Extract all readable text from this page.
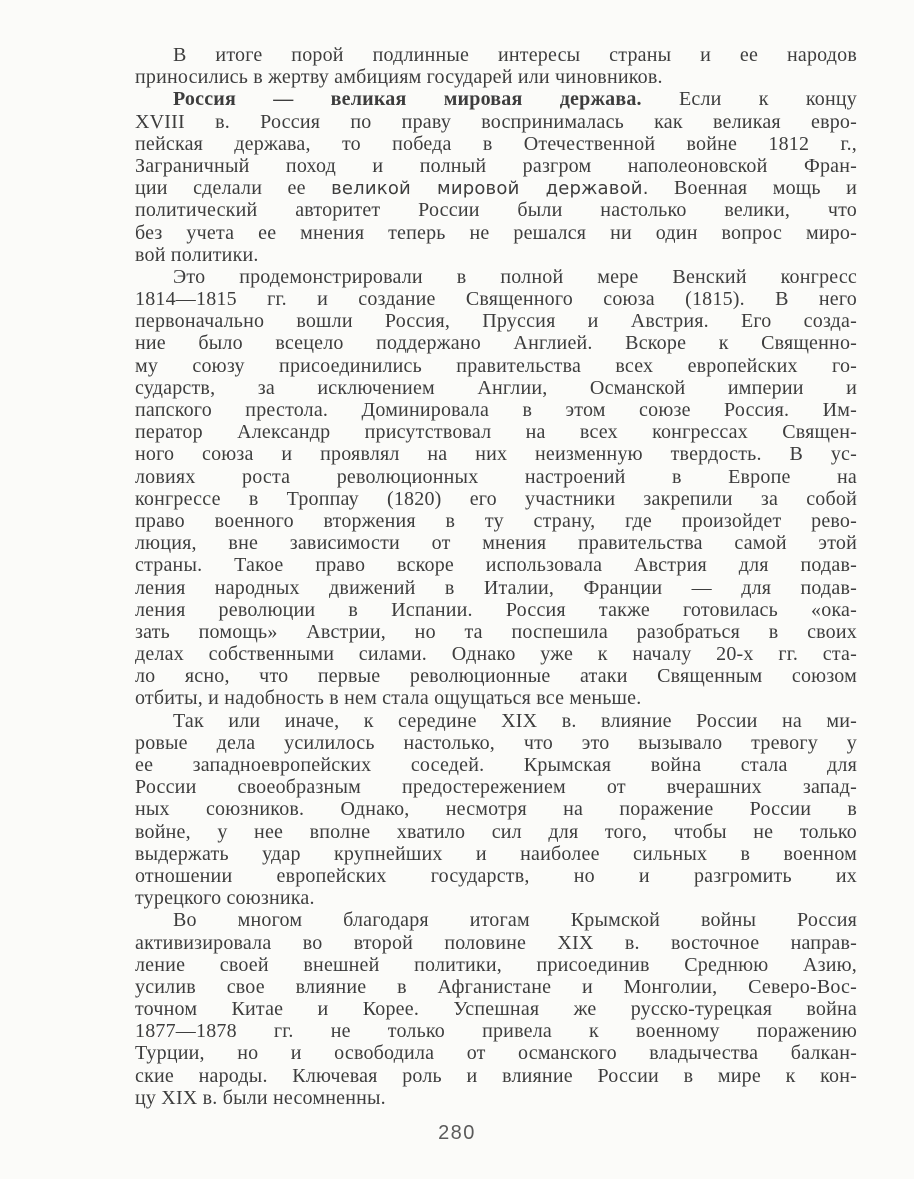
В итоге порой подлинные интересы страны и ее народов
приносились в жертву амбициям государей или чиновников.
Россия — великая мировая держава. Если к концу
XVIII в. Россия по праву воспринималась как великая евро-
пейская держава, то победа в Отечественной войне 1812 г.,
Заграничный поход и полный разгром наполеоновской Фран-
ции сделали ее великой мировой державой. Военная мощь и
политический авторитет России были настолько велики, что
без учета ее мнения теперь не решался ни один вопрос миро-
вой политики.
Это продемонстрировали в полной мере Венский конгресс
1814—1815 гг. и создание Священного союза (1815). В него
первоначально вошли Россия, Пруссия и Австрия. Его созда-
ние было всецело поддержано Англией. Вскоре к Священно-
му союзу присоединились правительства всех европейских го-
сударств, за исключением Англии, Османской империи и
папского престола. Доминировала в этом союзе Россия. Им-
ператор Александр присутствовал на всех конгрессах Священ-
ного союза и проявлял на них неизменную твердость. В ус-
ловиях роста революционных настроений в Европе на
конгрессе в Троппау (1820) его участники закрепили за собой
право военного вторжения в ту страну, где произойдет рево-
люция, вне зависимости от мнения правительства самой этой
страны. Такое право вскоре использовала Австрия для подав-
ления народных движений в Италии, Франции — для подав-
ления революции в Испании. Россия также готовилась «ока-
зать помощь» Австрии, но та поспешила разобраться в своих
делах собственными силами. Однако уже к началу 20-х гг. ста-
ло ясно, что первые революционные атаки Священным союзом
отбиты, и надобность в нем стала ощущаться все меньше.
Так или иначе, к середине XIX в. влияние России на ми-
ровые дела усилилось настолько, что это вызывало тревогу у
ее западноевропейских соседей. Крымская война стала для
России своеобразным предостережением от вчерашних запад-
ных союзников. Однако, несмотря на поражение России в
войне, у нее вполне хватило сил для того, чтобы не только
выдержать удар крупнейших и наиболее сильных в военном
отношении европейских государств, но и разгромить их
турецкого союзника.
Во многом благодаря итогам Крымской войны Россия
активизировала во второй половине XIX в. восточное направ-
ление своей внешней политики, присоединив Среднюю Азию,
усилив свое влияние в Афганистане и Монголии, Северо-Вос-
точном Китае и Корее. Успешная же русско-турецкая война
1877—1878 гг. не только привела к военному поражению
Турции, но и освободила от османского владычества балкан-
ские народы. Ключевая роль и влияние России в мире к кон-
цу XIX в. были несомненны.
280
